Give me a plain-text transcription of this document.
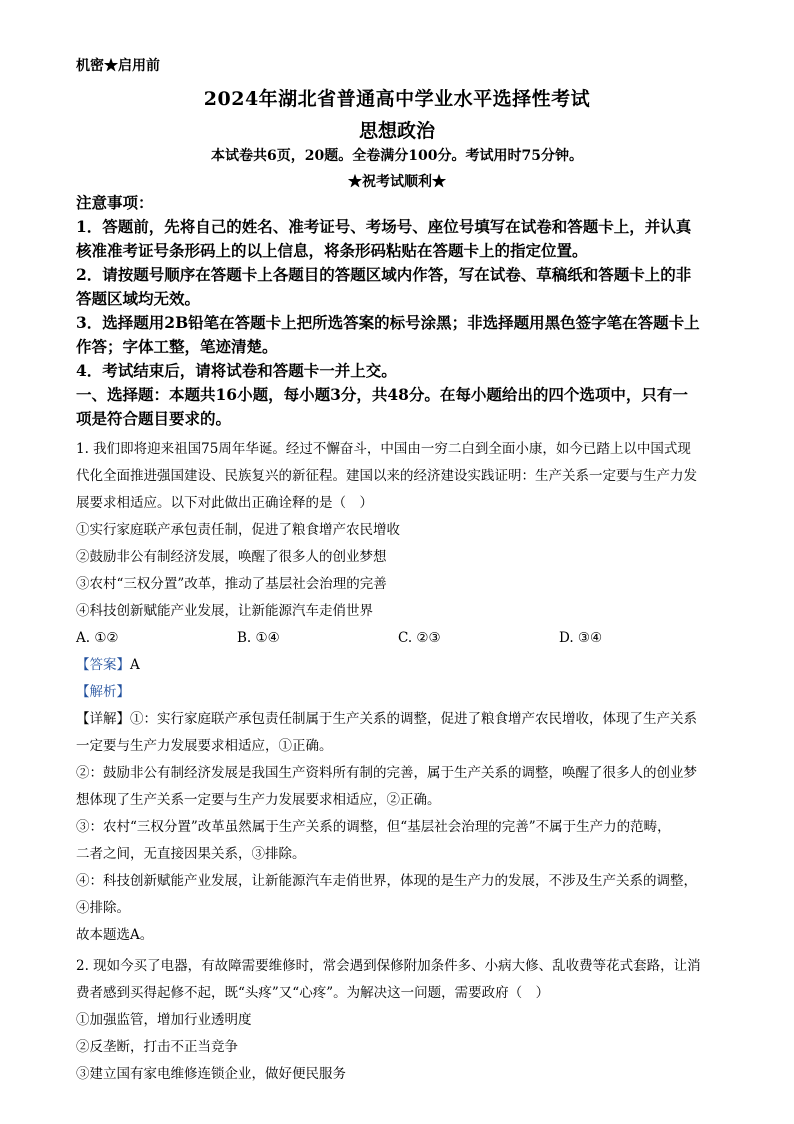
机密★启用前
2024年湖北省普通高中学业水平选择性考试
思想政治
本试卷共6页，20题。全卷满分100分。考试用时75分钟。
★祝考试顺利★
注意事项：
1．答题前，先将自己的姓名、准考证号、考场号、座位号填写在试卷和答题卡上，并认真
核准准考证号条形码上的以上信息，将条形码粘贴在答题卡上的指定位置。
2．请按题号顺序在答题卡上各题目的答题区域内作答，写在试卷、草稿纸和答题卡上的非
答题区域均无效。
3．选择题用2B铅笔在答题卡上把所选答案的标号涂黑；非选择题用黑色签字笔在答题卡上
作答；字体工整，笔迹清楚。
4．考试结束后，请将试卷和答题卡一并上交。
一、选择题：本题共16小题，每小题3分，共48分。在每小题给出的四个选项中，只有一
项是符合题目要求的。
1. 我们即将迎来祖国75周年华诞。经过不懈奋斗，中国由一穷二白到全面小康，如今已踏上以中国式现
代化全面推进强国建设、民族复兴的新征程。建国以来的经济建设实践证明：生产关系一定要与生产力发
展要求相适应。以下对此做出正确诠释的是（　）
①实行家庭联产承包责任制，促进了粮食增产农民增收
②鼓励非公有制经济发展，唤醒了很多人的创业梦想
③农村“三权分置”改革，推动了基层社会治理的完善
④科技创新赋能产业发展，让新能源汽车走俏世界
A. ①②	B. ①④	C. ②③	D. ③④
【答案】A
【解析】
【详解】①：实行家庭联产承包责任制属于生产关系的调整，促进了粮食增产农民增收，体现了生产关系
一定要与生产力发展要求相适应，①正确。
②：鼓励非公有制经济发展是我国生产资料所有制的完善，属于生产关系的调整，唤醒了很多人的创业梦
想体现了生产关系一定要与生产力发展要求相适应，②正确。
③：农村“三权分置”改革虽然属于生产关系的调整，但“基层社会治理的完善”不属于生产力的范畴，
二者之间，无直接因果关系，③排除。
④：科技创新赋能产业发展，让新能源汽车走俏世界，体现的是生产力的发展，不涉及生产关系的调整，
④排除。
故本题选A。
2. 现如今买了电器，有故障需要维修时，常会遇到保修附加条件多、小病大修、乱收费等花式套路，让消
费者感到买得起修不起，既“头疼”又“心疼”。为解决这一问题，需要政府（　）
①加强监管，增加行业透明度
②反垄断，打击不正当竞争
③建立国有家电维修连锁企业，做好便民服务
